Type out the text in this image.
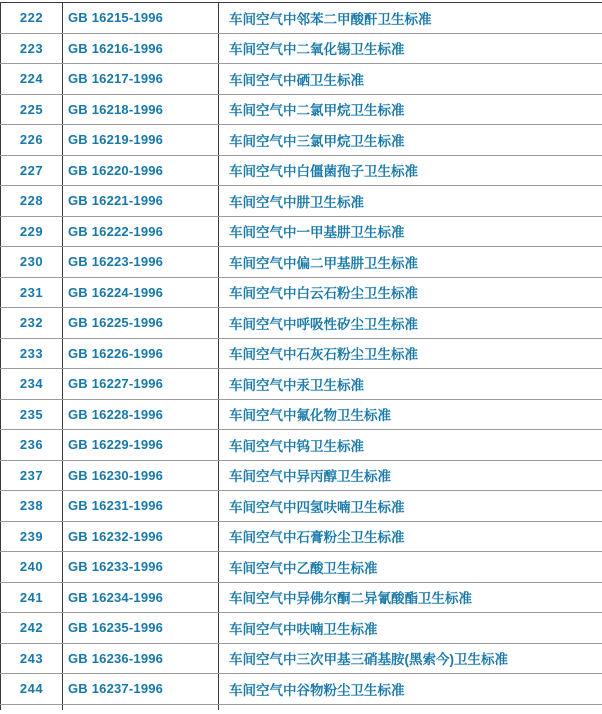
222	GB 16215-1996	车间空气中邻苯二甲酸酐卫生标准
223	GB 16216-1996	车间空气中二氧化锡卫生标准
224	GB 16217-1996	车间空气中硒卫生标准
225	GB 16218-1996	车间空气中二氯甲烷卫生标准
226	GB 16219-1996	车间空气中三氯甲烷卫生标准
227	GB 16220-1996	车间空气中白僵菌孢子卫生标准
228	GB 16221-1996	车间空气中肼卫生标准
229	GB 16222-1996	车间空气中一甲基肼卫生标准
230	GB 16223-1996	车间空气中偏二甲基肼卫生标准
231	GB 16224-1996	车间空气中白云石粉尘卫生标准
232	GB 16225-1996	车间空气中呼吸性矽尘卫生标准
233	GB 16226-1996	车间空气中石灰石粉尘卫生标准
234	GB 16227-1996	车间空气中汞卫生标准
235	GB 16228-1996	车间空气中氟化物卫生标准
236	GB 16229-1996	车间空气中钨卫生标准
237	GB 16230-1996	车间空气中异丙醇卫生标准
238	GB 16231-1996	车间空气中四氢呋喃卫生标准
239	GB 16232-1996	车间空气中石膏粉尘卫生标准
240	GB 16233-1996	车间空气中乙酸卫生标准
241	GB 16234-1996	车间空气中异佛尔酮二异氰酸酯卫生标准
242	GB 16235-1996	车间空气中呋喃卫生标准
243	GB 16236-1996	车间空气中三次甲基三硝基胺(黑索今)卫生标准
244	GB 16237-1996	车间空气中谷物粉尘卫生标准
